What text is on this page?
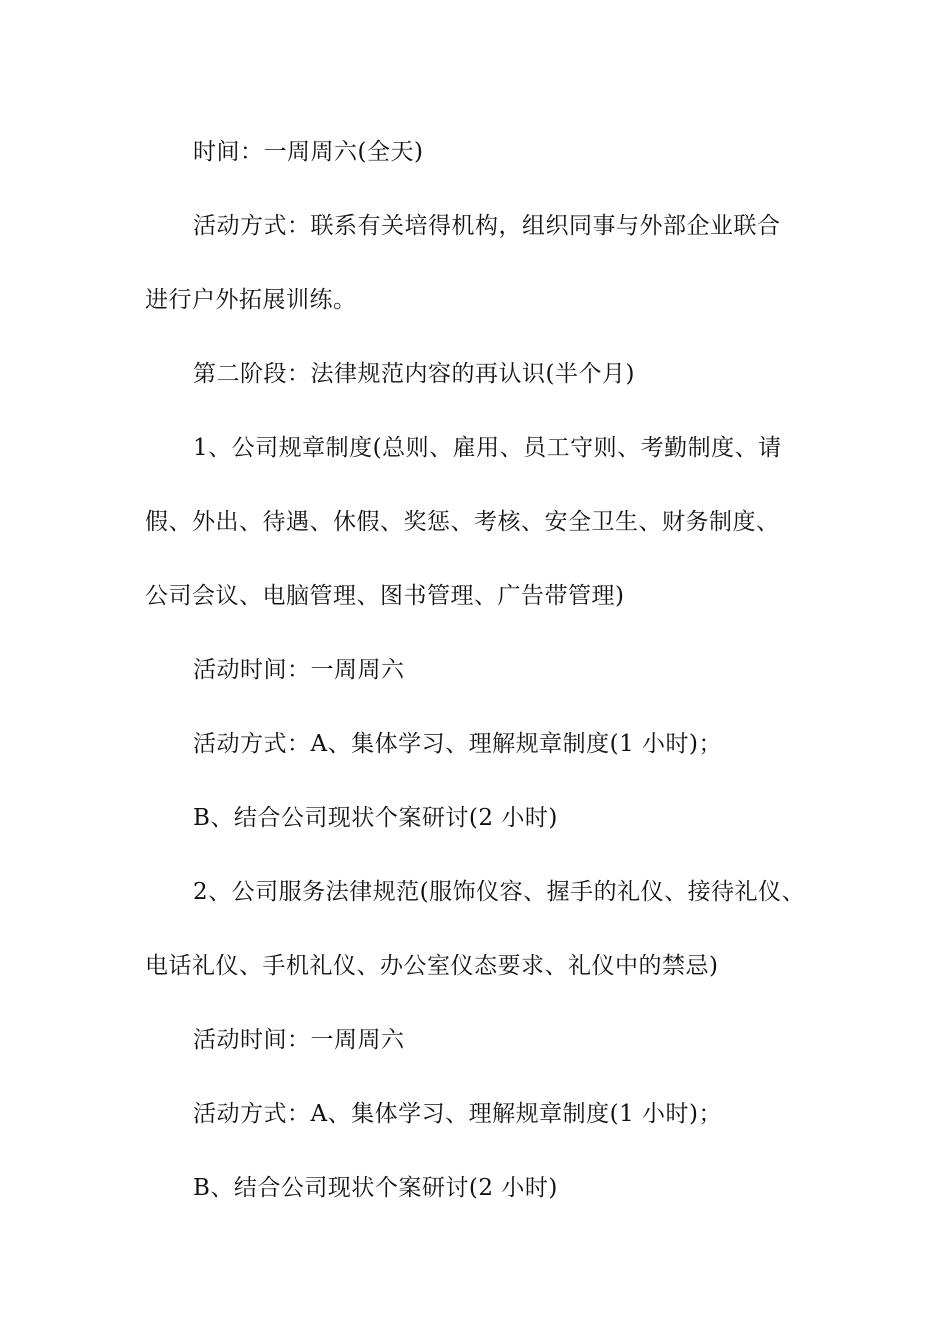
时间：一周周六(全天)
活动方式：联系有关培得机构，组织同事与外部企业联合
进行户外拓展训练。
第二阶段：法律规范内容的再认识(半个月)
1、公司规章制度(总则、雇用、员工守则、考勤制度、请
假、外出、待遇、休假、奖惩、考核、安全卫生、财务制度、
公司会议、电脑管理、图书管理、广告带管理)
活动时间：一周周六
活动方式：A、集体学习、理解规章制度(1 小时)；
B、结合公司现状个案研讨(2 小时)
2、公司服务法律规范(服饰仪容、握手的礼仪、接待礼仪、
电话礼仪、手机礼仪、办公室仪态要求、礼仪中的禁忌)
活动时间：一周周六
活动方式：A、集体学习、理解规章制度(1 小时)；
B、结合公司现状个案研讨(2 小时)
